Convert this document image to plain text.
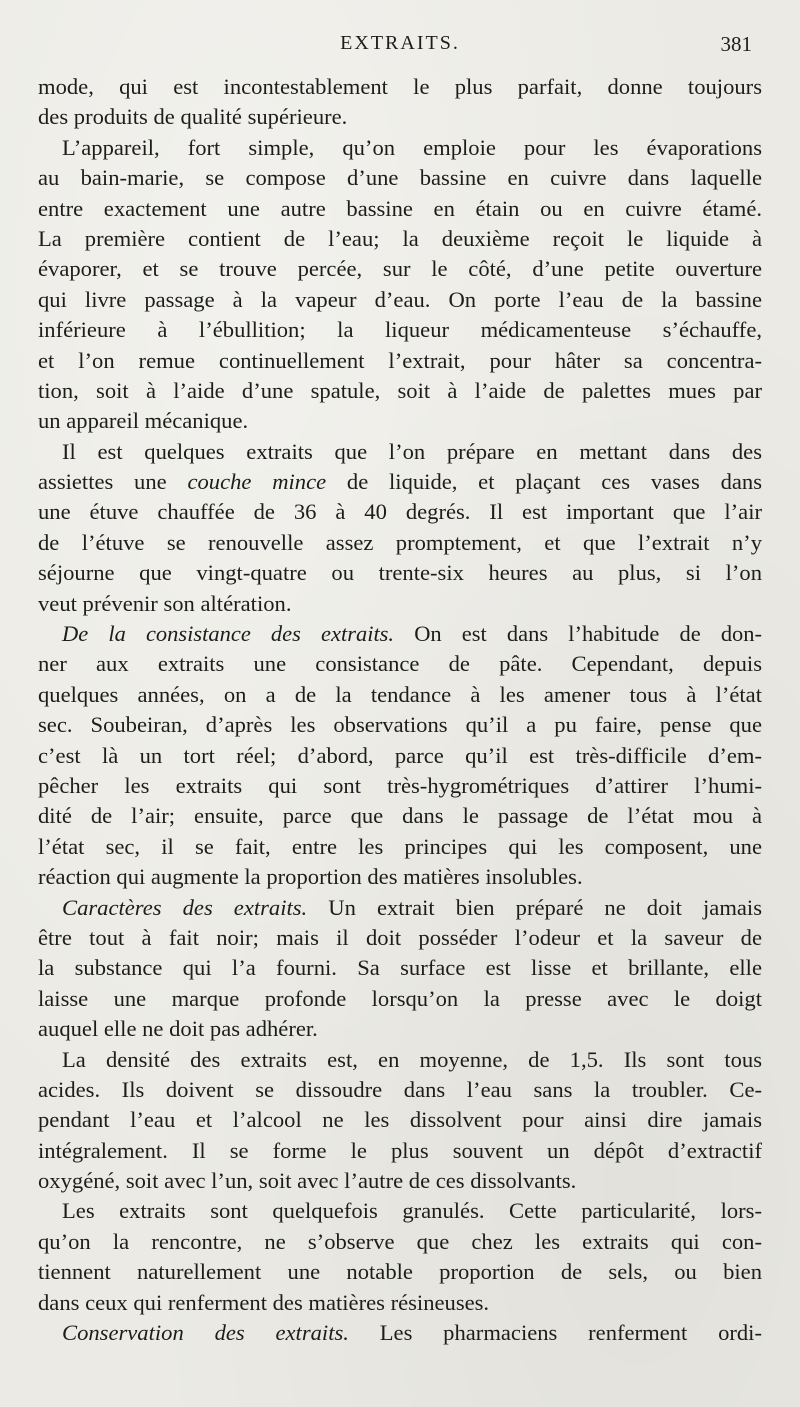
EXTRAITS.	381
mode, qui est incontestablement le plus parfait, donne toujours
des produits de qualité supérieure.
L’appareil, fort simple, qu’on emploie pour les évaporations
au bain-marie, se compose d’une bassine en cuivre dans laquelle
entre exactement une autre bassine en étain ou en cuivre étamé.
La première contient de l’eau; la deuxième reçoit le liquide à
évaporer, et se trouve percée, sur le côté, d’une petite ouverture
qui livre passage à la vapeur d’eau. On porte l’eau de la bassine
inférieure à l’ébullition; la liqueur médicamenteuse s’échauffe,
et l’on remue continuellement l’extrait, pour hâter sa concentra-
tion, soit à l’aide d’une spatule, soit à l’aide de palettes mues par
un appareil mécanique.
Il est quelques extraits que l’on prépare en mettant dans des
assiettes une couche mince de liquide, et plaçant ces vases dans
une étuve chauffée de 36 à 40 degrés. Il est important que l’air
de l’étuve se renouvelle assez promptement, et que l’extrait n’y
séjourne que vingt-quatre ou trente-six heures au plus, si l’on
veut prévenir son altération.
De la consistance des extraits. On est dans l’habitude de don-
ner aux extraits une consistance de pâte. Cependant, depuis
quelques années, on a de la tendance à les amener tous à l’état
sec. Soubeiran, d’après les observations qu’il a pu faire, pense que
c’est là un tort réel; d’abord, parce qu’il est très-difficile d’em-
pêcher les extraits qui sont très-hygrométriques d’attirer l’humi-
dité de l’air; ensuite, parce que dans le passage de l’état mou à
l’état sec, il se fait, entre les principes qui les composent, une
réaction qui augmente la proportion des matières insolubles.
Caractères des extraits. Un extrait bien préparé ne doit jamais
être tout à fait noir; mais il doit posséder l’odeur et la saveur de
la substance qui l’a fourni. Sa surface est lisse et brillante, elle
laisse une marque profonde lorsqu’on la presse avec le doigt
auquel elle ne doit pas adhérer.
La densité des extraits est, en moyenne, de 1,5. Ils sont tous
acides. Ils doivent se dissoudre dans l’eau sans la troubler. Ce-
pendant l’eau et l’alcool ne les dissolvent pour ainsi dire jamais
intégralement. Il se forme le plus souvent un dépôt d’extractif
oxygéné, soit avec l’un, soit avec l’autre de ces dissolvants.
Les extraits sont quelquefois granulés. Cette particularité, lors-
qu’on la rencontre, ne s’observe que chez les extraits qui con-
tiennent naturellement une notable proportion de sels, ou bien
dans ceux qui renferment des matières résineuses.
Conservation des extraits. Les pharmaciens renferment ordi-
